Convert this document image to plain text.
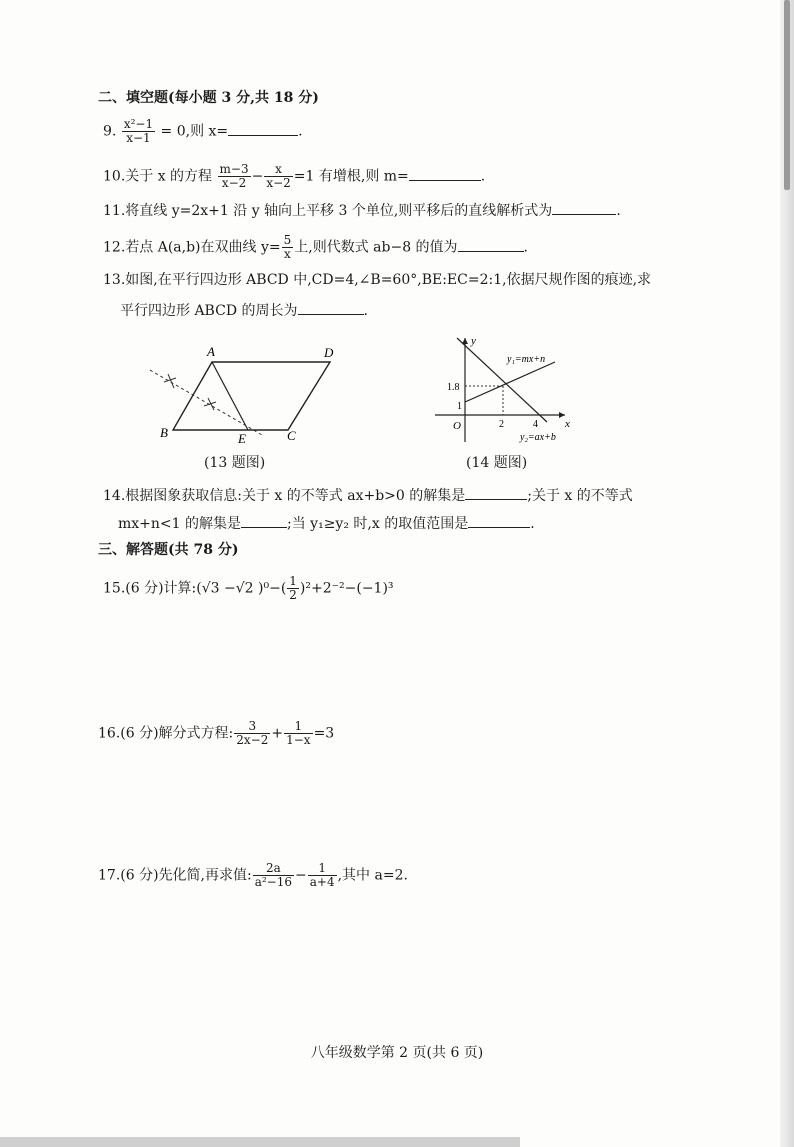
二、填空题(每小题 3 分,共 18 分)
9. $\frac{\text{x²−1}}{x-1} = 0$,则 x=	.
10.关于 x 的方程 $\frac{m-3}{x-2} - \frac{x}{x-2} =1$ 有增根,则 m=	.
11.将直线 y=2x+1 沿 y 轴向上平移 3 个单位,则平移后的直线解析式为	.
12.若点 A(a,b)在双曲线 $y= \frac{5}{x}$ 上,则代数式 ab−8 的值为	.
13.如图,在平行四边形 ABCD 中,CD=4,∠B=60°,BE:EC=2:1,依据尺规作图的痕迹,求
平行四边形 ABCD 的周长为	.
A	D
B	E	C
(13 题图)
y
x
O
1.8
1
2	4
y₁=mx+n
y₂=ax+b
(14 题图)
14.根据图象获取信息:关于 x 的不等式 ax+b>0 的解集是	;关于 x 的不等式
mx+n<1 的解集是	;当 y₁≥y₂ 时,x 的取值范围是	.
三、解答题(共 78 分)
15.(6 分)计算:(√3 −√2 )$^0-( \frac{1}{2} )^2+2^{-2}-(-1)^3$
16.(6 分)解分式方程: $\frac{3}{2x-2} + \frac{1}{1-x} =3$
17.(6 分)先化简,再求值: $\frac{2a}{\text{a²−16}} - \frac{1}{a+4}$ ,其中 a=2.
八年级数学第 2 页(共 6 页)
